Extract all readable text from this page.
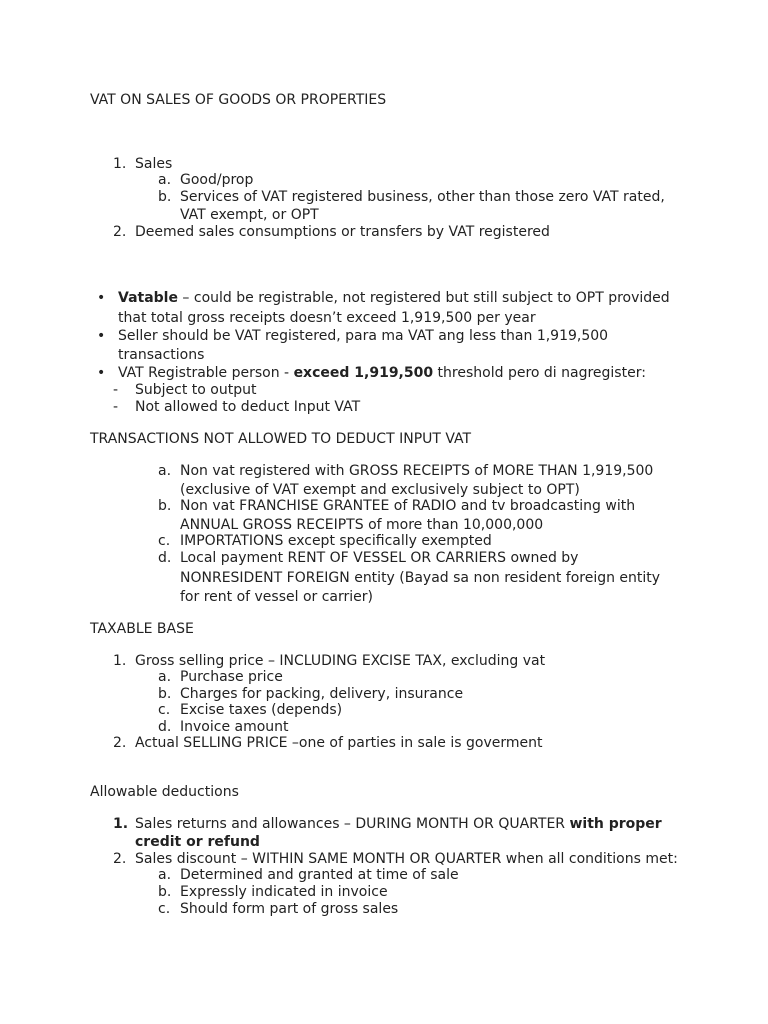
VAT ON SALES OF GOODS OR PROPERTIES
1. Sales
a. Good/prop
b. Services of VAT registered business, other than those zero VAT rated,
VAT exempt, or OPT
2. Deemed sales consumptions or transfers by VAT registered
• Vatable – could be registrable, not registered but still subject to OPT provided
that total gross receipts doesn’t exceed 1,919,500 per year
• Seller should be VAT registered, para ma VAT ang less than 1,919,500
transactions
• VAT Registrable person - exceed 1,919,500 threshold pero di nagregister:
- Subject to output
- Not allowed to deduct Input VAT
TRANSACTIONS NOT ALLOWED TO DEDUCT INPUT VAT
a. Non vat registered with GROSS RECEIPTS of MORE THAN 1,919,500
(exclusive of VAT exempt and exclusively subject to OPT)
b. Non vat FRANCHISE GRANTEE of RADIO and tv broadcasting with
ANNUAL GROSS RECEIPTS of more than 10,000,000
c. IMPORTATIONS except specifically exempted
d. Local payment RENT OF VESSEL OR CARRIERS owned by
NONRESIDENT FOREIGN entity (Bayad sa non resident foreign entity
for rent of vessel or carrier)
TAXABLE BASE
1. Gross selling price – INCLUDING EXCISE TAX, excluding vat
a. Purchase price
b. Charges for packing, delivery, insurance
c. Excise taxes (depends)
d. Invoice amount
2. Actual SELLING PRICE –one of parties in sale is goverment
Allowable deductions
1. Sales returns and allowances – DURING MONTH OR QUARTER with proper
credit or refund
2. Sales discount – WITHIN SAME MONTH OR QUARTER when all conditions met:
a. Determined and granted at time of sale
b. Expressly indicated in invoice
c. Should form part of gross sales
